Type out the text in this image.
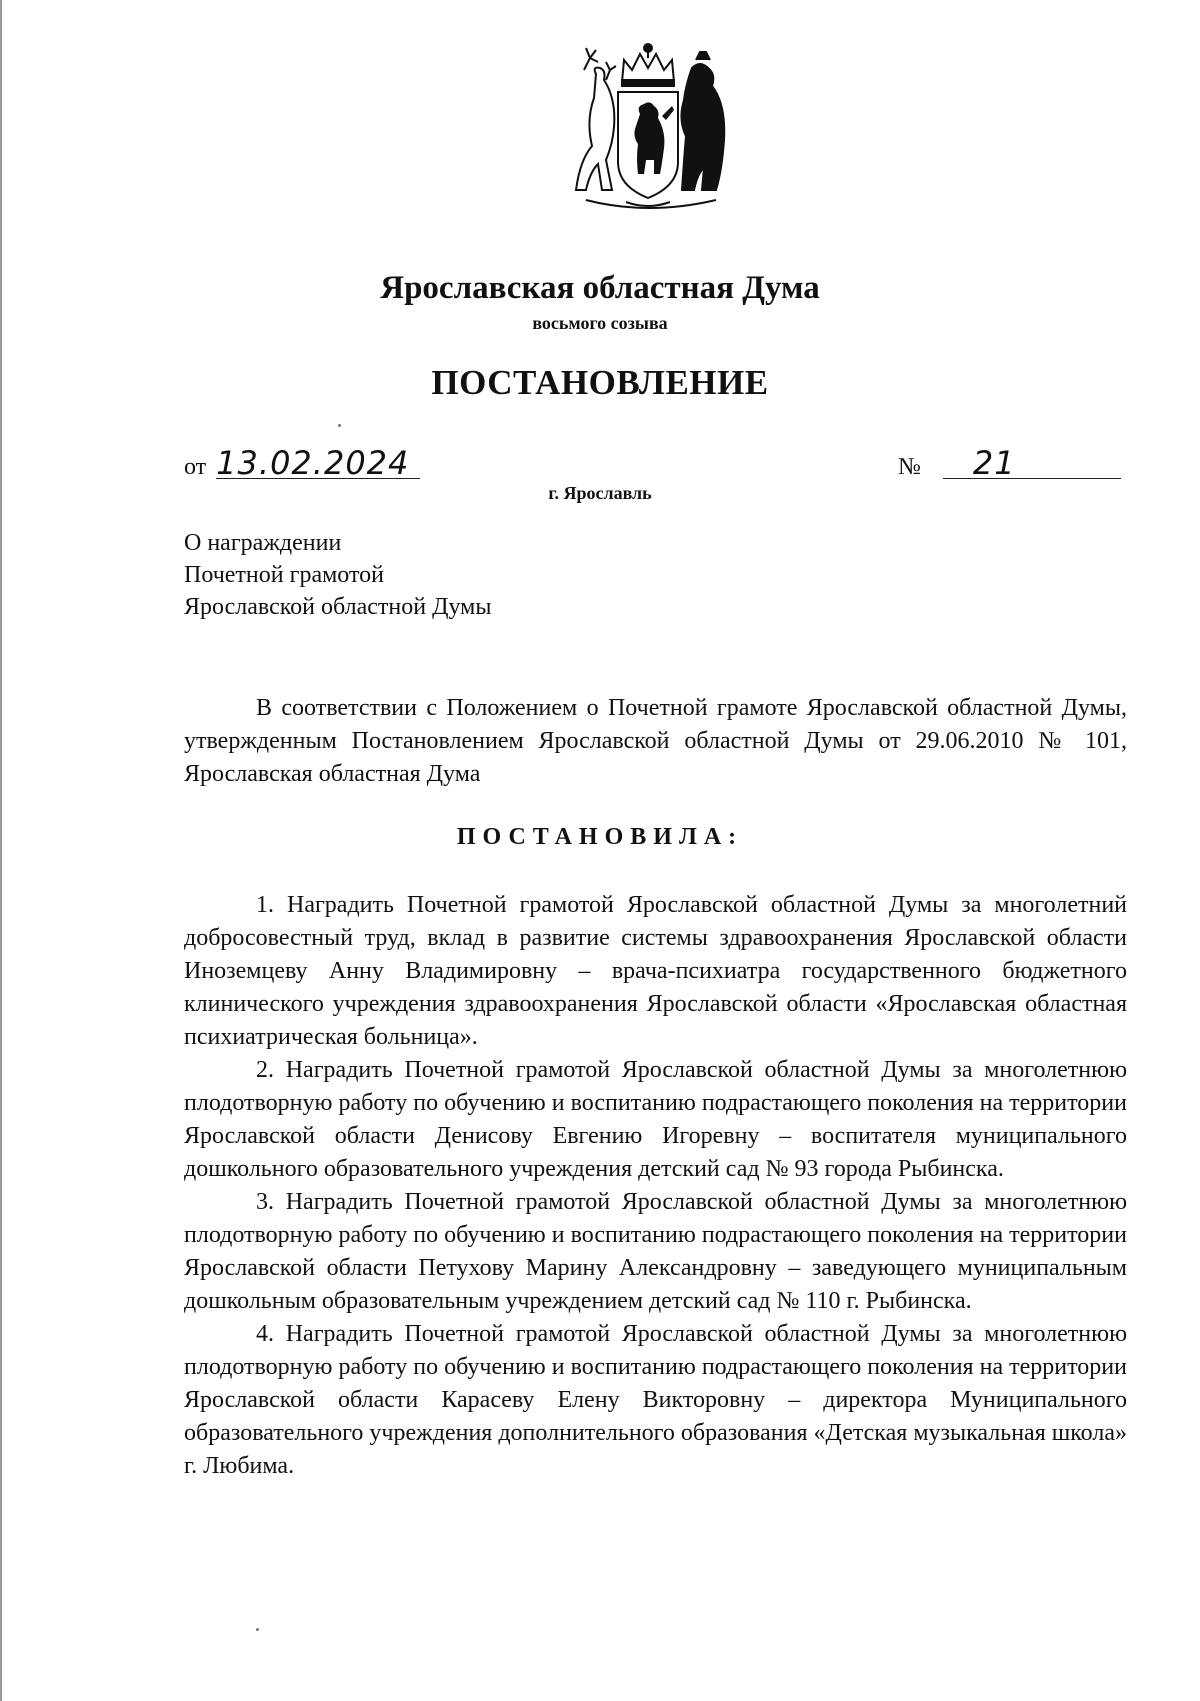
Ярославская областная Дума
восьмого созыва
ПОСТАНОВЛЕНИЕ
от 13.02.2024	№ 21
г. Ярославль
О награждении
Почетной грамотой
Ярославской областной Думы
В соответствии с Положением о Почетной грамоте Ярославской областной Думы, утвержденным Постановлением Ярославской областной Думы от 29.06.2010 № 101, Ярославская областная Дума
ПОСТАНОВИЛА:

1. Наградить Почетной грамотой Ярославской областной Думы за многолетний добросовестный труд, вклад в развитие системы здравоохранения Ярославской области Иноземцеву Анну Владимировну – врача-психиатра государственного бюджетного клинического учреждения здравоохранения Ярославской области «Ярославская областная психиатрическая больница».

2. Наградить Почетной грамотой Ярославской областной Думы за многолетнюю плодотворную работу по обучению и воспитанию подрастающего поколения на территории Ярославской области Денисову Евгению Игоревну – воспитателя муниципального дошкольного образовательного учреждения детский сад № 93 города Рыбинска.

3. Наградить Почетной грамотой Ярославской областной Думы за многолетнюю плодотворную работу по обучению и воспитанию подрастающего поколения на территории Ярославской области Петухову Марину Александровну – заведующего муниципальным дошкольным образовательным учреждением детский сад № 110 г. Рыбинска.

4. Наградить Почетной грамотой Ярославской областной Думы за многолетнюю плодотворную работу по обучению и воспитанию подрастающего поколения на территории Ярославской области Карасеву Елену Викторовну – директора Муниципального образовательного учреждения дополнительного образования «Детская музыкальная школа» г. Любима.
